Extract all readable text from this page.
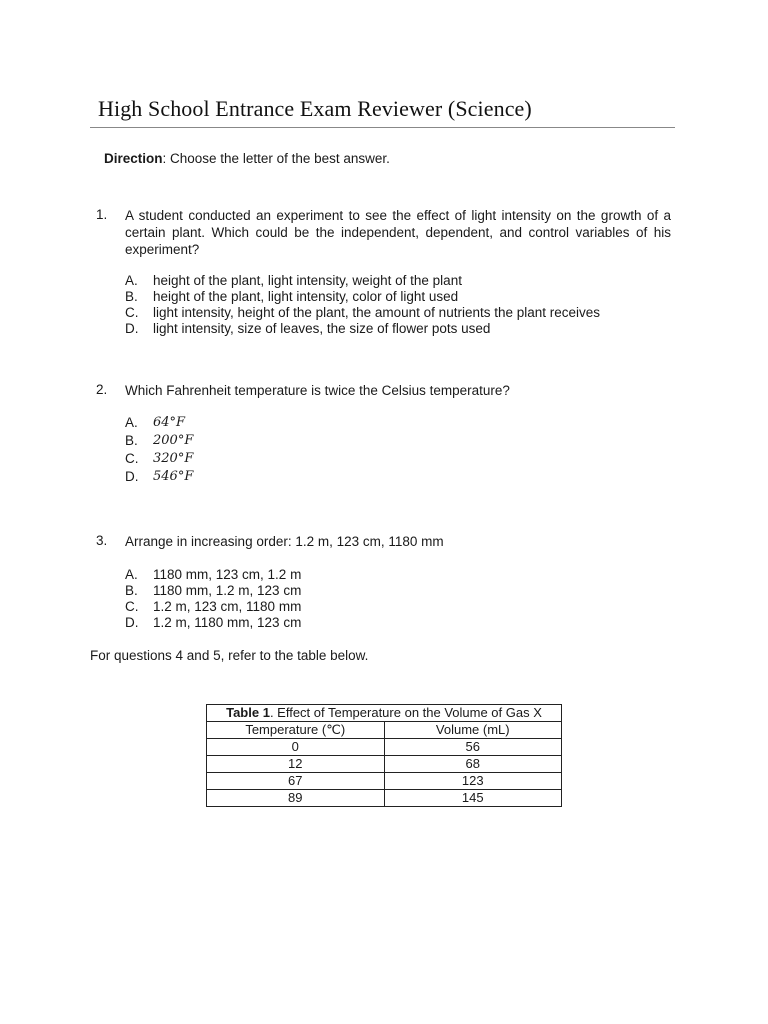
High School Entrance Exam Reviewer (Science)

Direction: Choose the letter of the best answer.

1. A student conducted an experiment to see the effect of light intensity on the growth of a certain plant. Which could be the independent, dependent, and control variables of his experiment?

A. height of the plant, light intensity, weight of the plant
B. height of the plant, light intensity, color of light used
C. light intensity, height of the plant, the amount of nutrients the plant receives
D. light intensity, size of leaves, the size of flower pots used
2. Which Fahrenheit temperature is twice the Celsius temperature?

A. 64°F
B. 200°F
C. 320°F
D. 546°F
3. Arrange in increasing order: 1.2 m, 123 cm, 1180 mm

A. 1180 mm, 123 cm, 1.2 m
B. 1180 mm, 1.2 m, 123 cm
C. 1.2 m, 123 cm, 1180 mm
D. 1.2 m, 1180 mm, 123 cm

For questions 4 and 5, refer to the table below.

Table 1. Effect of Temperature on the Volume of Gas X	
Temperature (℃)	Volume (mL)
0	56
12	68
67	123
89	145
